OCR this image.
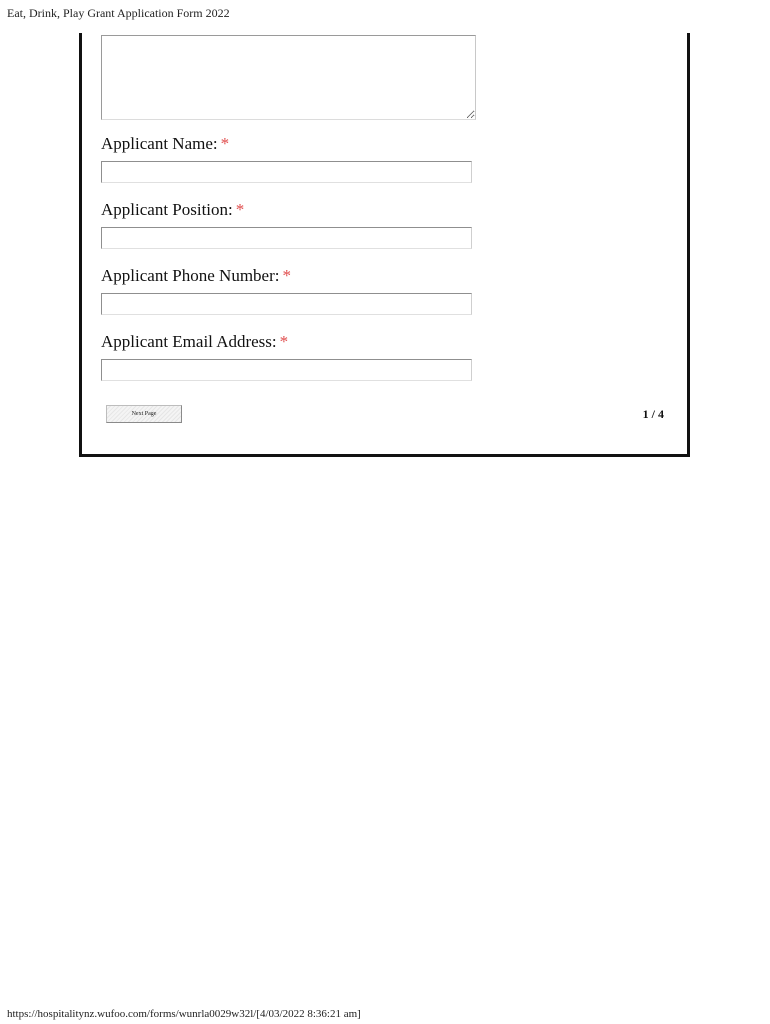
Eat, Drink, Play Grant Application Form 2022
Applicant Name: *
Applicant Position: *
Applicant Phone Number: *
Applicant Email Address: *
Next Page	1 / 4
https://hospitalitynz.wufoo.com/forms/wunrla0029w32l/[4/03/2022 8:36:21 am]
